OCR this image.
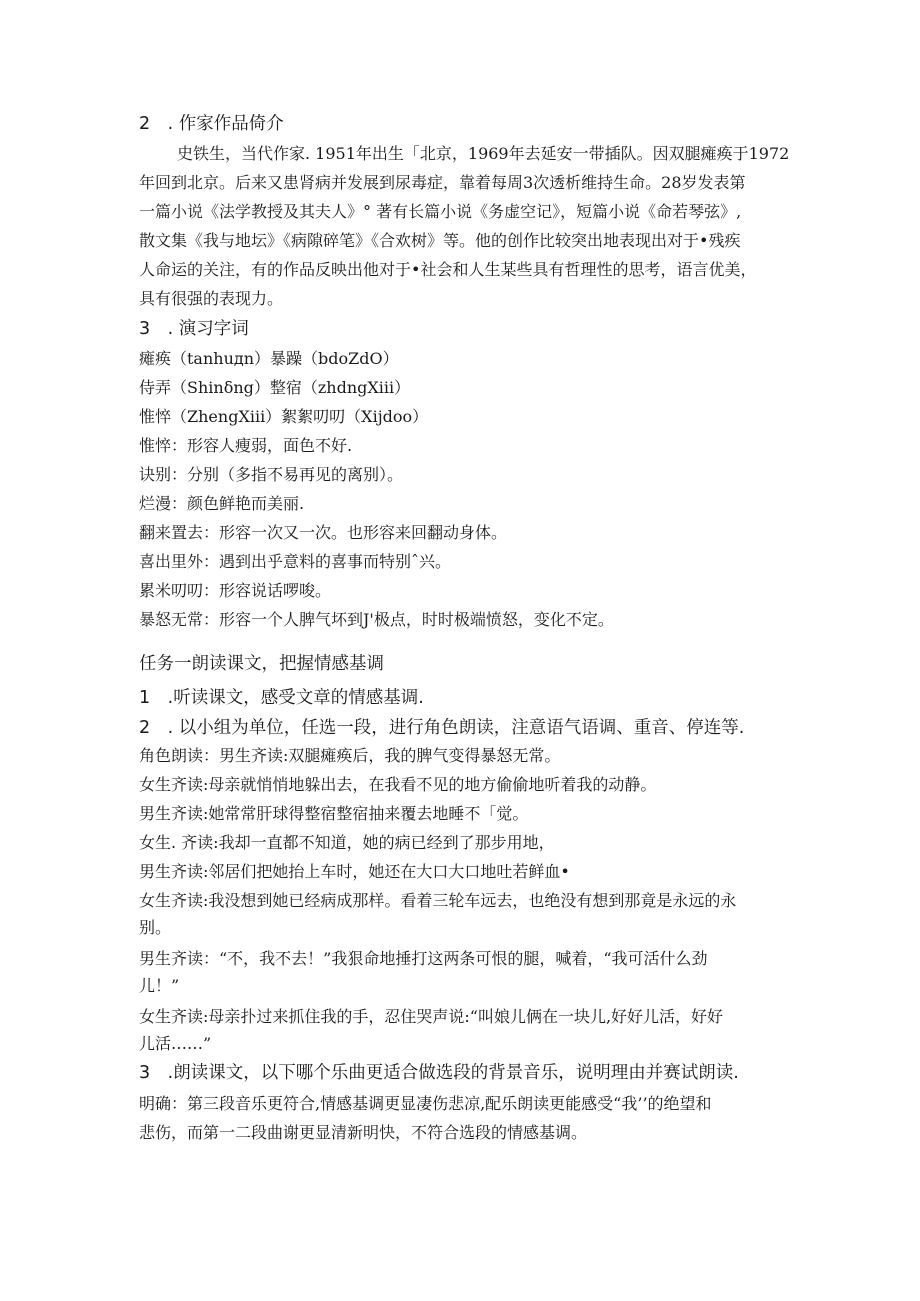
2　. 作家作品倚介
史铁生，当代作家. 1951年出生「北京，1969年去延安一带插队。因双腿瘫痪于1972
年回到北京。后来又患肾病并发展到尿毒症，靠着每周3次透析维持生命。28岁发表第
一篇小说《法学教授及其夫人》° 著有长篇小说《务虚空记》，短篇小说《命若琴弦》,
散文集《我与地坛》《病隙碎笔》《合欢树》等。他的创作比较突出地表现出对于•残疾
人命运的关注，有的作品反映出他对于•社会和人生某些具有哲理性的思考，语言优美，
具有很强的表现力。
3　. 演习字词
瘫痪（tanhuдn）暴躁（bdoZdO）
侍弄（Shinδng）整宿（zhdngXiii）
惟悴（ZhengXiii）絮絮叨叨（Xijdoo）
惟悴：形容人瘦弱，面色不好.
诀别：分别（多指不易再见的离别）。
烂漫：颜色鲜艳而美丽.
翻来置去：形容一次又一次。也形容来回翻动身体。
喜出里外：遇到出乎意料的喜事而特别ˆ兴。
累米叨叨：形容说话啰唆。
暴怒无常：形容一个人脾气坏到J'极点，时时极端愤怒，变化不定。
任务一朗读课文，把握情感基调
1　.听读课文，感受文章的情感基调.
2　. 以小组为单位，任选一段，进行角色朗读，注意语气语调、重音、停连等.
角色朗读：男生齐读:双腿瘫痪后，我的脾气变得暴怒无常。
女生齐读:母亲就悄悄地躲出去，在我看不见的地方偷偷地听着我的动静。
男生齐读:她常常肝球得整宿整宿抽来覆去地睡不「觉。
女生. 齐读:我却一直都不知道，她的病已经到了那步用地，
男生齐读:邻居们把她抬上车时，她还在大口大口地吐若鲜血•
女生齐读:我没想到她已经病成那样。看着三轮车远去，也绝没有想到那竟是永远的永
别。
男生齐读：“不，我不去！”我狠命地捶打这两条可恨的腿，喊着，“我可活什么劲
儿！”
女生齐读:母亲扑过来抓住我的手，忍住哭声说:“叫娘儿俩在一块儿,好好儿活，好好
儿活……”
3　.朗读课文，以下哪个乐曲更适合做选段的背景音乐，说明理由并赛试朗读.
明确：第三段音乐更符合,情感基调更显凄伤悲凉,配乐朗读更能感受“我’’的绝望和
悲伤，而第一二段曲谢更显清新明快，不符合选段的情感基调。
